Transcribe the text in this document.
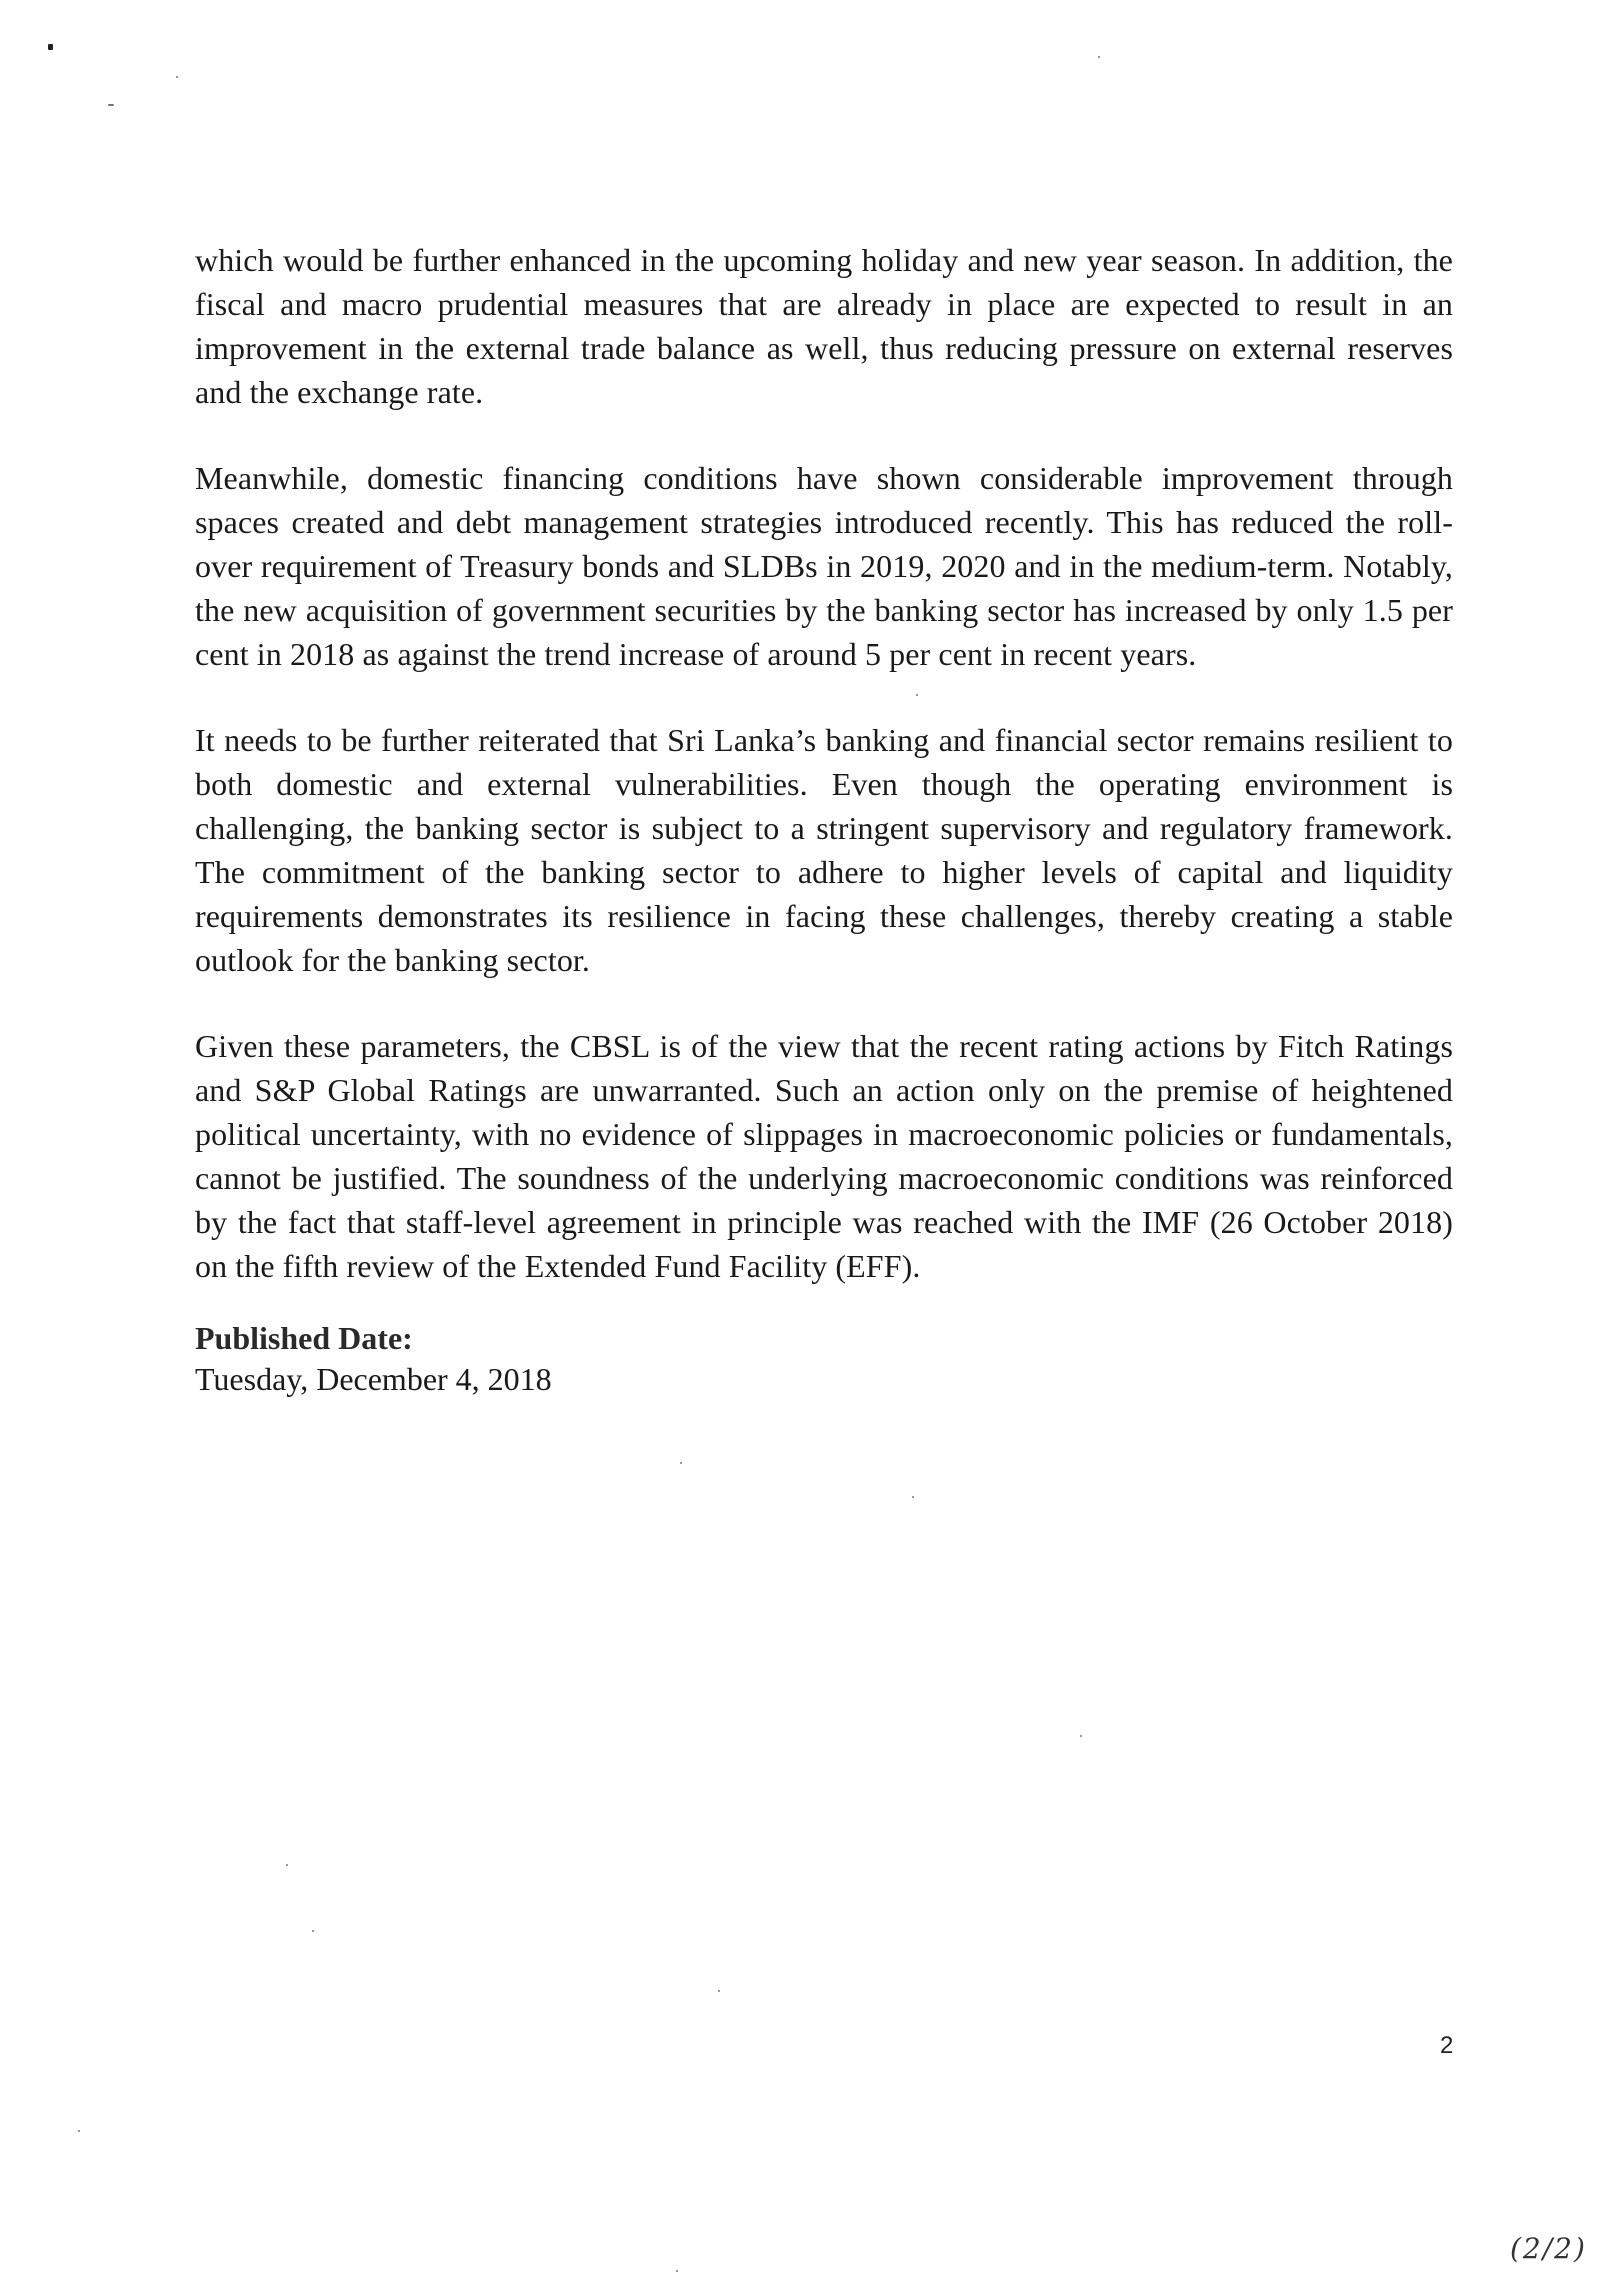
which would be further enhanced in the upcoming holiday and new year season. In addition, the fiscal and macro prudential measures that are already in place are expected to result in an improvement in the external trade balance as well, thus reducing pressure on external reserves and the exchange rate.

Meanwhile, domestic financing conditions have shown considerable improvement through spaces created and debt management strategies introduced recently. This has reduced the roll-over requirement of Treasury bonds and SLDBs in 2019, 2020 and in the medium-term. Notably, the new acquisition of government securities by the banking sector has increased by only 1.5 per cent in 2018 as against the trend increase of around 5 per cent in recent years.

It needs to be further reiterated that Sri Lanka’s banking and financial sector remains resilient to both domestic and external vulnerabilities. Even though the operating environment is challenging, the banking sector is subject to a stringent supervisory and regulatory framework. The commitment of the banking sector to adhere to higher levels of capital and liquidity requirements demonstrates its resilience in facing these challenges, thereby creating a stable outlook for the banking sector.

Given these parameters, the CBSL is of the view that the recent rating actions by Fitch Ratings and S&P Global Ratings are unwarranted. Such an action only on the premise of heightened political uncertainty, with no evidence of slippages in macroeconomic policies or fundamentals, cannot be justified. The soundness of the underlying macroeconomic conditions was reinforced by the fact that staff-level agreement in principle was reached with the IMF (26 October 2018) on the fifth review of the Extended Fund Facility (EFF).

Published Date:

Tuesday, December 4, 2018

2
(2/2)
